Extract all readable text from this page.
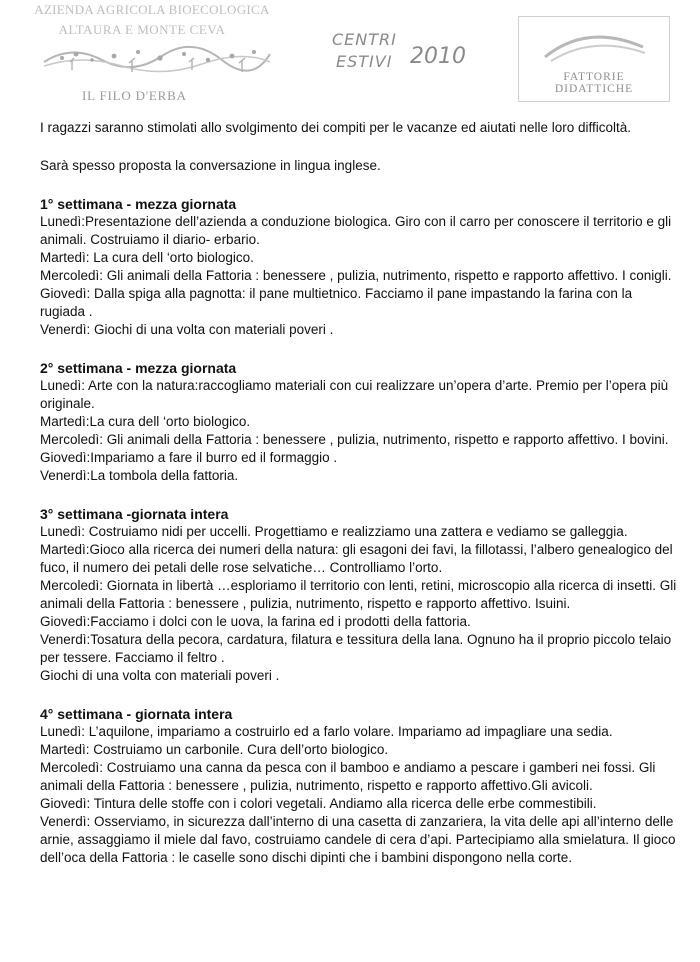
AZIENDA AGRICOLA BIOECOLOGICA
ALTAURA E MONTE CEVA
IL FILO D'ERBA
CENTRI
ESTIVI 2010
FATTORIE DIDATTICHE

I ragazzi saranno stimolati allo svolgimento dei compiti per le vacanze ed aiutati nelle loro difficoltà.

Sarà spesso proposta la conversazione in lingua inglese.

1° settimana - mezza giornata

Lunedì:Presentazione dell’azienda a conduzione biologica. Giro con il carro per conoscere il territorio e gli animali. Costruiamo il diario- erbario.

Martedì: La cura dell ‘orto biologico.

Mercoledì: Gli animali della Fattoria : benessere , pulizia, nutrimento, rispetto e rapporto affettivo. I conigli.

Giovedì: Dalla spiga alla pagnotta: il pane multietnico. Facciamo il pane impastando la farina con la rugiada .

Venerdì: Giochi di una volta con materiali poveri .

2° settimana - mezza giornata

Lunedì: Arte con la natura:raccogliamo materiali con cui realizzare un’opera d’arte. Premio per l’opera più originale.

Martedì:La cura dell ‘orto biologico.

Mercoledì: Gli animali della Fattoria : benessere , pulizia, nutrimento, rispetto e rapporto affettivo. I bovini.

Giovedì:Impariamo a fare il burro ed il formaggio .

Venerdì:La tombola della fattoria.

3° settimana -giornata intera

Lunedì: Costruiamo nidi per uccelli. Progettiamo e realizziamo una zattera e vediamo se galleggia.

Martedì:Gioco alla ricerca dei numeri della natura: gli esagoni dei favi, la fillotassi, l’albero genealogico del fuco, il numero dei petali delle rose selvatiche… Controlliamo l’orto.

Mercoledì: Giornata in libertà …esploriamo il territorio con lenti, retini, microscopio alla ricerca di insetti. Gli animali della Fattoria : benessere , pulizia, nutrimento, rispetto e rapporto affettivo. Isuini.

Giovedì:Facciamo i dolci con le uova, la farina ed i prodotti della fattoria.

Venerdì:Tosatura della pecora, cardatura, filatura e tessitura della lana. Ognuno ha il proprio piccolo telaio per tessere. Facciamo il feltro .

Giochi di una volta con materiali poveri .

4° settimana - giornata intera

Lunedì: L’aquilone, impariamo a costruirlo ed a farlo volare. Impariamo ad impagliare una sedia.

Martedì: Costruiamo un carbonile. Cura dell’orto biologico.

Mercoledì: Costruiamo una canna da pesca con il bamboo e andiamo a pescare i gamberi nei fossi. Gli animali della Fattoria : benessere , pulizia, nutrimento, rispetto e rapporto affettivo.Gli avicoli.

Giovedì: Tintura delle stoffe con i colori vegetali. Andiamo alla ricerca delle erbe commestibili.

Venerdì: Osserviamo, in sicurezza dall’interno di una casetta di zanzariera, la vita delle api all’interno delle arnie, assaggiamo il miele dal favo, costruiamo candele di cera d’api. Partecipiamo alla smielatura. Il gioco dell’oca della Fattoria : le caselle sono dischi dipinti che i bambini dispongono nella corte.
